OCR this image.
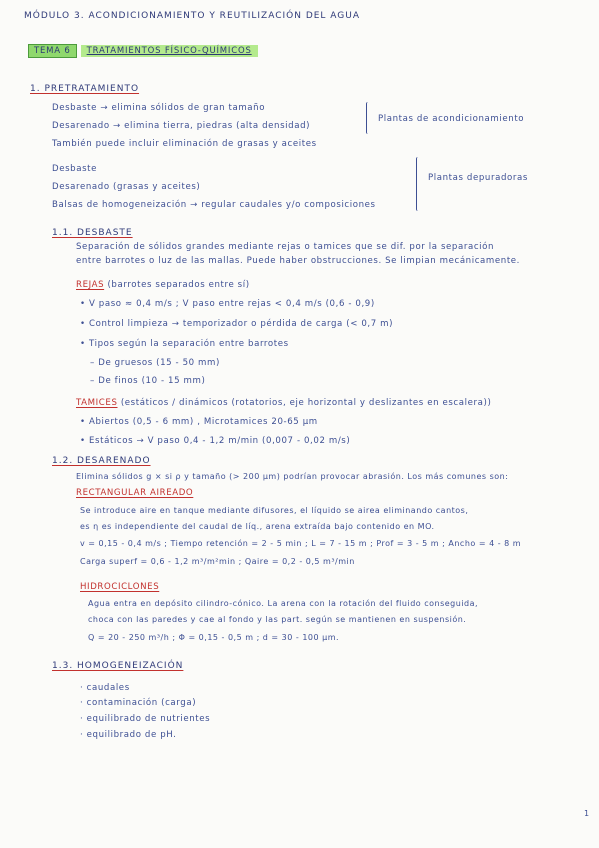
MÓDULO 3. ACONDICIONAMIENTO Y REUTILIZACIÓN DEL AGUA
TEMA 6	TRATAMIENTOS FÍSICO-QUÍMICOS
1. PRETRATAMIENTO
Desbaste → elimina sólidos de gran tamaño
Desarenado → elimina tierra, piedras (alta densidad)
También puede incluir eliminación de grasas y aceites
Plantas de acondicionamiento
Desbaste
Desarenado (grasas y aceites)
Balsas de homogeneización → regular caudales y/o composiciones
Plantas depuradoras
1.1. DESBASTE
Separación de sólidos grandes mediante rejas o tamices que se dif. por la separación
entre barrotes o luz de las mallas. Puede haber obstrucciones. Se limpian mecánicamente.
REJAS (barrotes separados entre sí)
• V paso ≈ 0,4 m/s ; V paso entre rejas < 0,4 m/s (0,6 - 0,9)
• Control limpieza → temporizador o pérdida de carga (< 0,7 m)
• Tipos según la separación entre barrotes
– De gruesos (15 - 50 mm)
– De finos (10 - 15 mm)
TAMICES (estáticos / dinámicos (rotatorios, eje horizontal y deslizantes en escalera))
• Abiertos (0,5 - 6 mm) , Microtamices 20-65 µm
• Estáticos → V paso 0,4 - 1,2 m/min (0,007 - 0,02 m/s)
1.2. DESARENADO
Elimina sólidos g × si ρ y tamaño (> 200 µm) podrían provocar abrasión. Los más comunes son:
RECTANGULAR AIREADO
Se introduce aire en tanque mediante difusores, el líquido se airea eliminando cantos,
es η es independiente del caudal de líq., arena extraída bajo contenido en MO.
v = 0,15 - 0,4 m/s ; Tiempo retención = 2 - 5 min ; L = 7 - 15 m ; Prof = 3 - 5 m ; Ancho = 4 - 8 m
Carga superf = 0,6 - 1,2 m³/m²min ; Qaire = 0,2 - 0,5 m³/min
HIDROCICLONES
Agua entra en depósito cilindro-cónico. La arena con la rotación del fluido conseguida,
choca con las paredes y cae al fondo y las part. según se mantienen en suspensión.
Q = 20 - 250 m³/h ; Φ = 0,15 - 0,5 m ; d = 30 - 100 µm.
1.3. HOMOGENEIZACIÓN
· caudales
· contaminación (carga)
· equilibrado de nutrientes
· equilibrado de pH.
1
